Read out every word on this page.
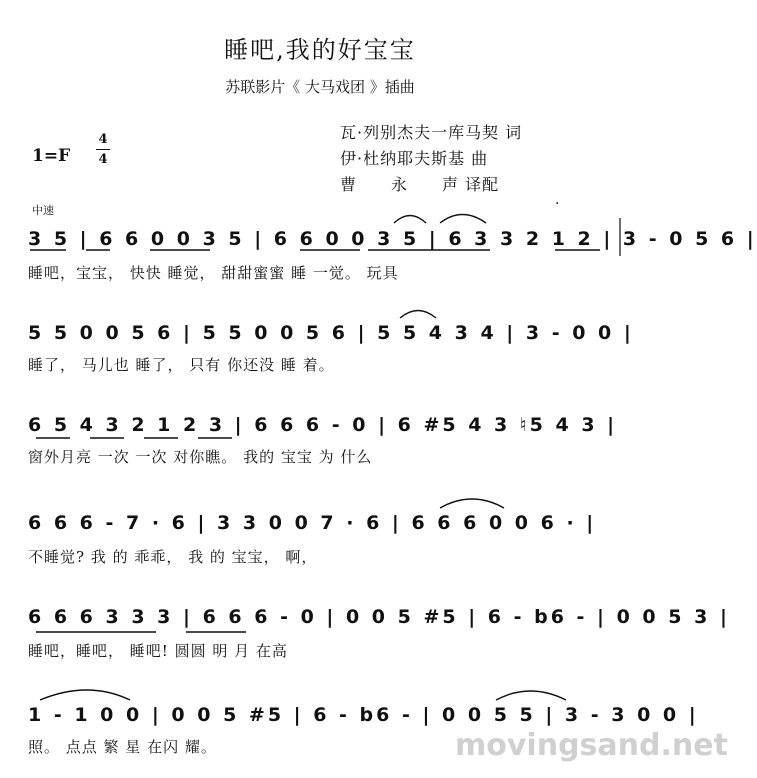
睡吧,我的好宝宝
苏联影片《 大马戏团 》插曲
1=F
4
4
瓦·列别杰夫一库马契 词
伊·杜纳耶夫斯基 曲
曹　　永　　声 译配
中速	·
3 5 | 6 6 0 0 3 5 | 6 6 0 0 3 5 | 6 3 3 2 1 2 | 3 - 0 5 6 |
睡吧，宝宝， 快快 睡觉， 甜甜蜜蜜 睡 一觉。 玩具
5 5 0 0 5 6 | 5 5 0 0 5 6 | 5 5 4 3 4 | 3 - 0 0 |
睡了， 马儿也 睡了， 只有 你还没 睡 着。
6 5 4 3 2 1 2 3 | 6 6 6 - 0 | 6 #5 4 3 ♮5 4 3 |
窗外月亮 一次 一次 对你瞧。 我的 宝宝 为 什么
6 6 6 - 7 · 6 | 3 3 0 0 7 · 6 | 6 6 6 0 0 6 · |
不睡觉? 我 的 乖乖， 我 的 宝宝， 啊，
6 6 6 3 3 3 | 6 6 6 - 0 | 0 0 5 #5 | 6 - b6 - | 0 0 5 3 |
睡吧，睡吧， 睡吧! 圆圆 明 月 在高
1 - 1 0 0 | 0 0 5 #5 | 6 - b6 - | 0 0 5 5 | 3 - 3 0 0 |
照。 点点 繁 星 在闪 耀。	movingsand.net
